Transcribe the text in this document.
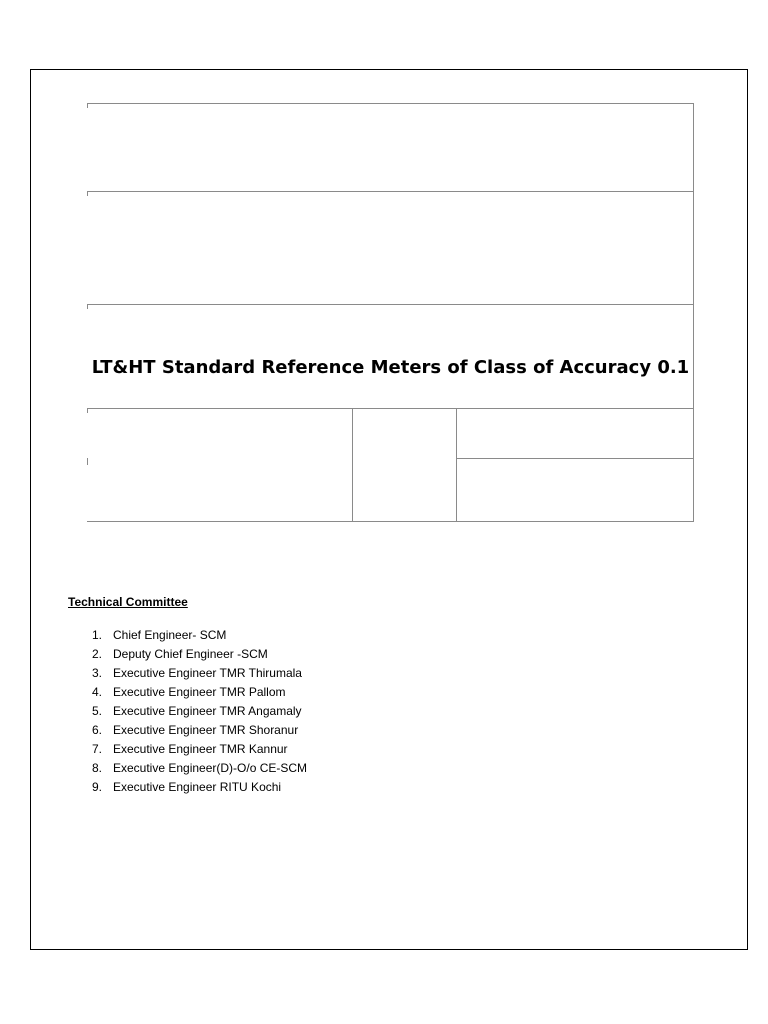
LT&HT Standard Reference Meters of Class of Accuracy 0.1
Technical Committee
1. Chief Engineer- SCM
2. Deputy Chief Engineer -SCM
3. Executive Engineer TMR Thirumala
4. Executive Engineer TMR Pallom
5. Executive Engineer TMR Angamaly
6. Executive Engineer TMR Shoranur
7. Executive Engineer TMR Kannur
8. Executive Engineer(D)-O/o CE-SCM
9. Executive Engineer RITU Kochi
